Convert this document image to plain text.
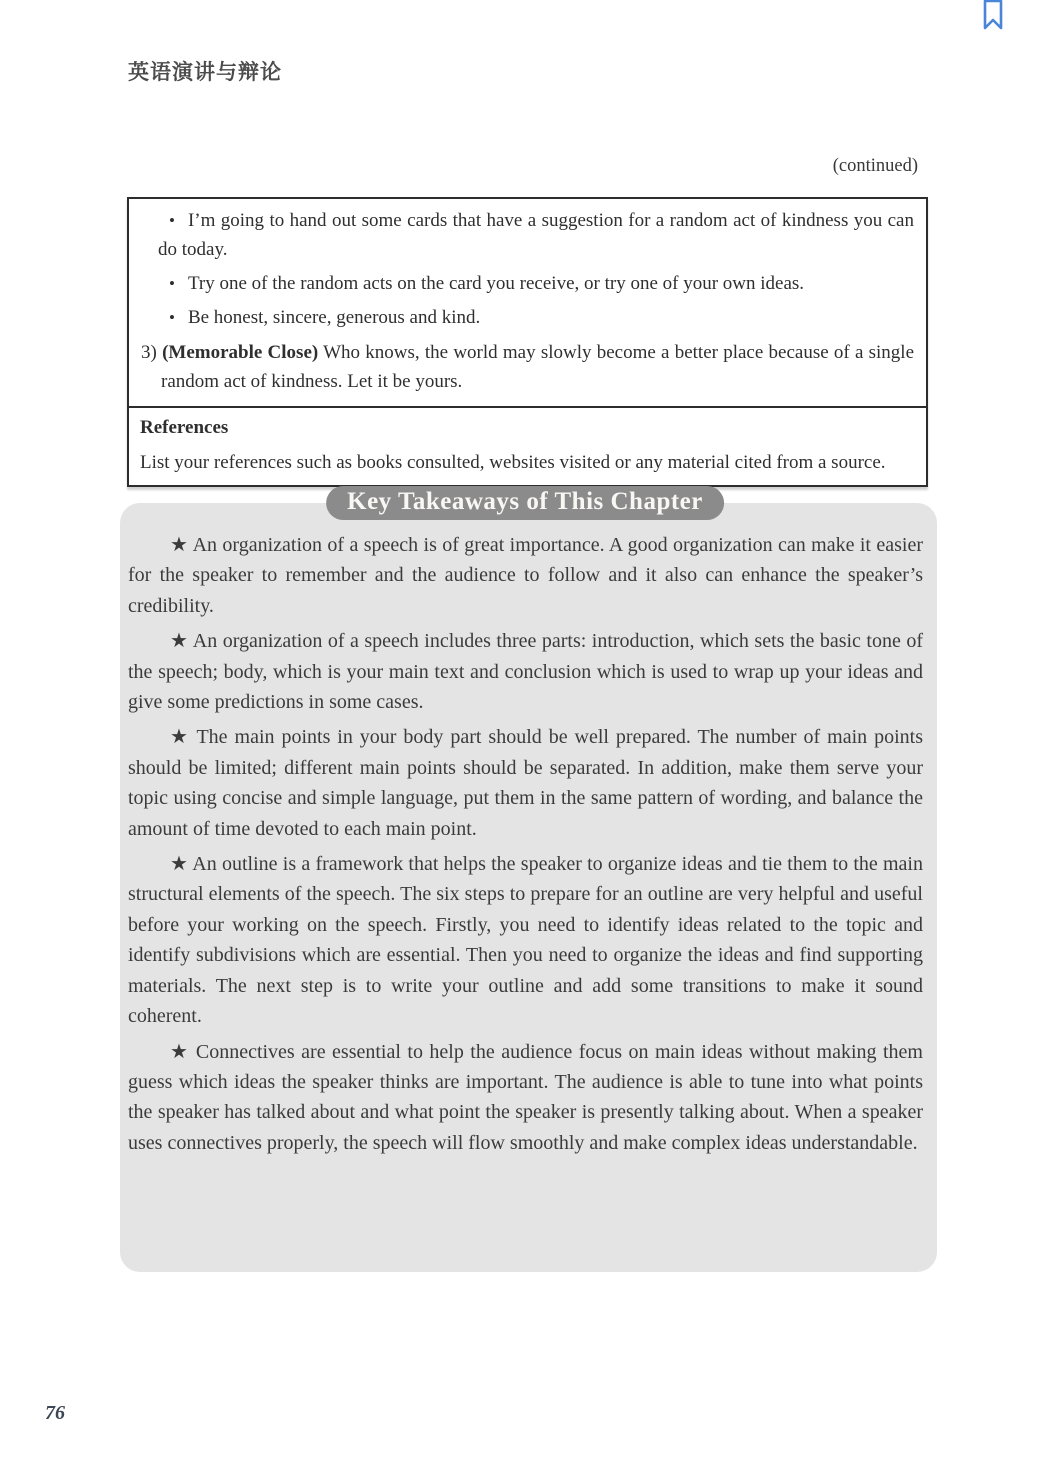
英语演讲与辩论
(continued)
• I’m going to hand out some cards that have a suggestion for a random act of kindness you can do today.
• Try one of the random acts on the card you receive, or try one of your own ideas.
• Be honest, sincere, generous and kind.

3) (Memorable Close) Who knows, the world may slowly become a better place because of a single random act of kindness. Let it be yours.

References

List your references such as books consulted, websites visited or any material cited from a source.

★ An organization of a speech is of great importance. A good organization can make it easier for the speaker to remember and the audience to follow and it also can enhance the speaker’s credibility.

★ An organization of a speech includes three parts: introduction, which sets the basic tone of the speech; body, which is your main text and conclusion which is used to wrap up your ideas and give some predictions in some cases.

★ The main points in your body part should be well prepared. The number of main points should be limited; different main points should be separated. In addition, make them serve your topic using concise and simple language, put them in the same pattern of wording, and balance the amount of time devoted to each main point.

★ An outline is a framework that helps the speaker to organize ideas and tie them to the main structural elements of the speech. The six steps to prepare for an outline are very helpful and useful before your working on the speech. Firstly, you need to identify ideas related to the topic and identify subdivisions which are essential. Then you need to organize the ideas and find supporting materials. The next step is to write your outline and add some transitions to make it sound coherent.

★ Connectives are essential to help the audience focus on main ideas without making them guess which ideas the speaker thinks are important. The audience is able to tune into what points the speaker has talked about and what point the speaker is presently talking about. When a speaker uses connectives properly, the speech will flow smoothly and make complex ideas understandable.

Key Takeaways of This Chapter
76
